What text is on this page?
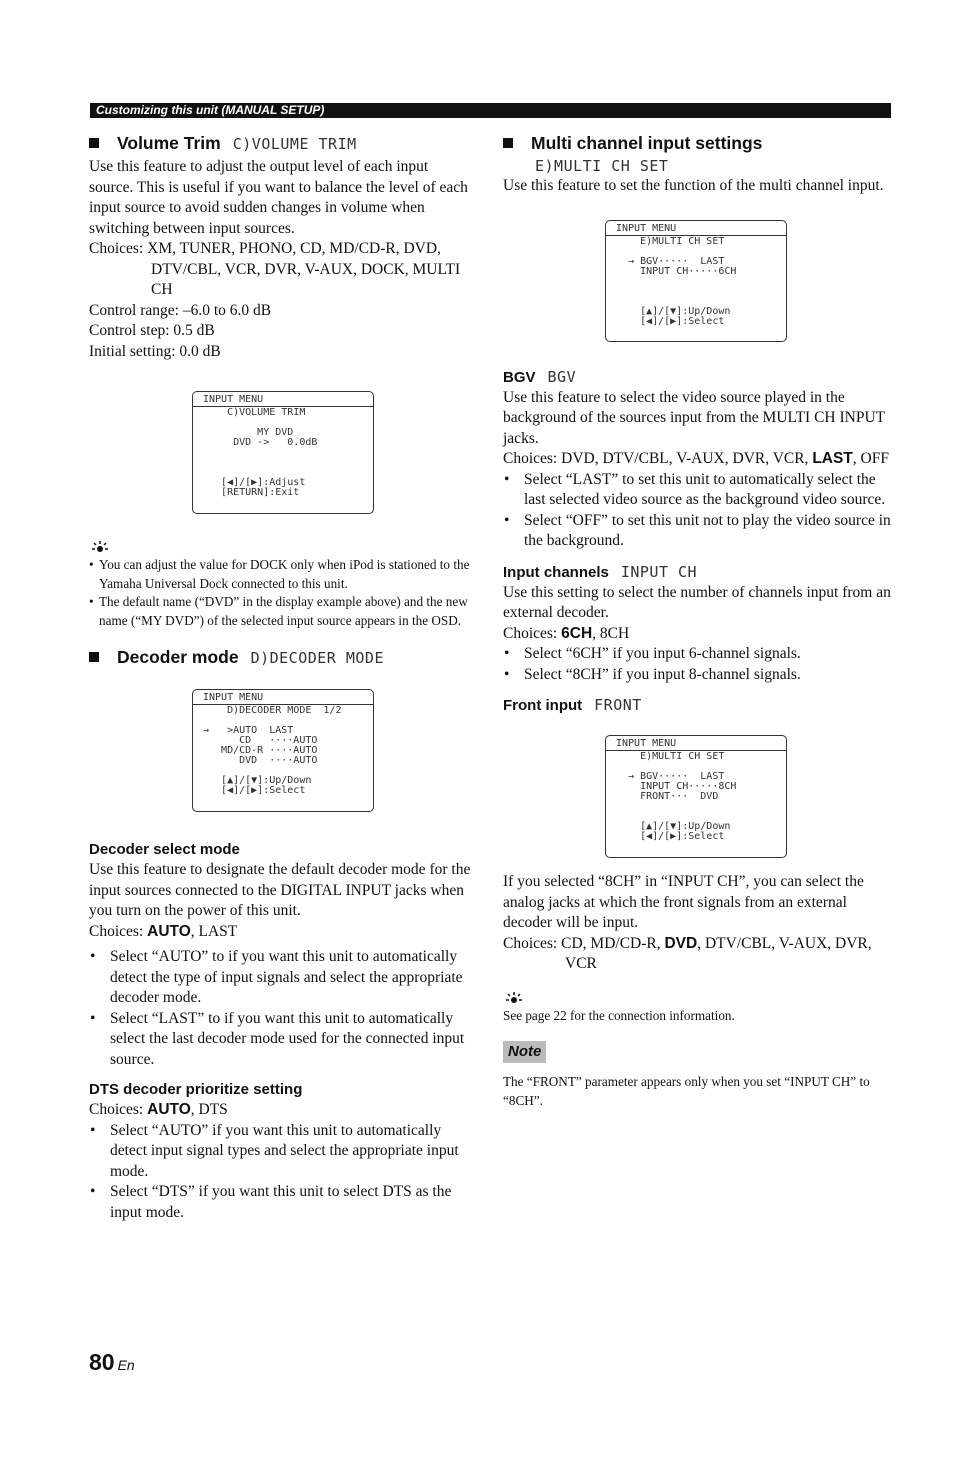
Customizing this unit (MANUAL SETUP)
Volume Trim C)VOLUME TRIM

Use this feature to adjust the output level of each input source. This is useful if you want to balance the level of each input source to avoid sudden changes in volume when switching between input sources.

Choices: XM, TUNER, PHONO, CD, MD/CD-R, DVD, DTV/CBL, VCR, DVR, V-AUX, DOCK, MULTI CH

Control range: –6.0 to 6.0 dB

Control step: 0.5 dB

Initial setting: 0.0 dB

INPUT MENU
C)VOLUME TRIM

MY DVD
DVD ->   0.0dB

[◀]/[▶]:Adjust
[RETURN]:Exit
• You can adjust the value for DOCK only when iPod is stationed to the Yamaha Universal Dock connected to this unit.
• The default name (“DVD” in the display example above) and the new name (“MY DVD”) of the selected input source appears in the OSD.
Decoder mode D)DECODER MODE
INPUT MENU
D)DECODER MODE  1/2

→   >AUTO  LAST
CD   ····AUTO
MD/CD-R ····AUTO
DVD  ····AUTO

[▲]/[▼]:Up/Down
[◀]/[▶]:Select
Decoder select mode

Use this feature to designate the default decoder mode for the input sources connected to the DIGITAL INPUT jacks when you turn on the power of this unit.

Choices: AUTO, LAST

• Select “AUTO” to if you want this unit to automatically detect the type of input signals and select the appropriate decoder mode.
• Select “LAST” to if you want this unit to automatically select the last decoder mode used for the connected input source.
DTS decoder prioritize setting

Choices: AUTO, DTS

• Select “AUTO” if you want this unit to automatically detect input signal types and select the appropriate input mode.
• Select “DTS” if you want this unit to select DTS as the input mode.
Multi channel input settings
E)MULTI CH SET

Use this feature to set the function of the multi channel input.

INPUT MENU
E)MULTI CH SET

→ BGV·····  LAST
INPUT CH·····6CH

[▲]/[▼]:Up/Down
[◀]/[▶]:Select
BGV BGV

Use this feature to select the video source played in the background of the sources input from the MULTI CH INPUT jacks.

Choices: DVD, DTV/CBL, V-AUX, DVR, VCR, LAST, OFF

• Select “LAST” to set this unit to automatically select the last selected video source as the background video source.
• Select “OFF” to set this unit not to play the video source in the background.
Input channels INPUT CH

Use this setting to select the number of channels input from an external decoder.

Choices: 6CH, 8CH

• Select “6CH” if you input 6-channel signals.
• Select “8CH” if you input 8-channel signals.
Front input FRONT
INPUT MENU
E)MULTI CH SET

→ BGV·····  LAST
INPUT CH·····8CH
FRONT···  DVD

[▲]/[▼]:Up/Down
[◀]/[▶]:Select

If you selected “8CH” in “INPUT CH”, you can select the analog jacks at which the front signals from an external decoder will be input.

Choices: CD, MD/CD-R, DVD, DTV/CBL, V-AUX, DVR, VCR

See page 22 for the connection information.

Note

The “FRONT” parameter appears only when you set “INPUT CH” to “8CH”.

80 En
